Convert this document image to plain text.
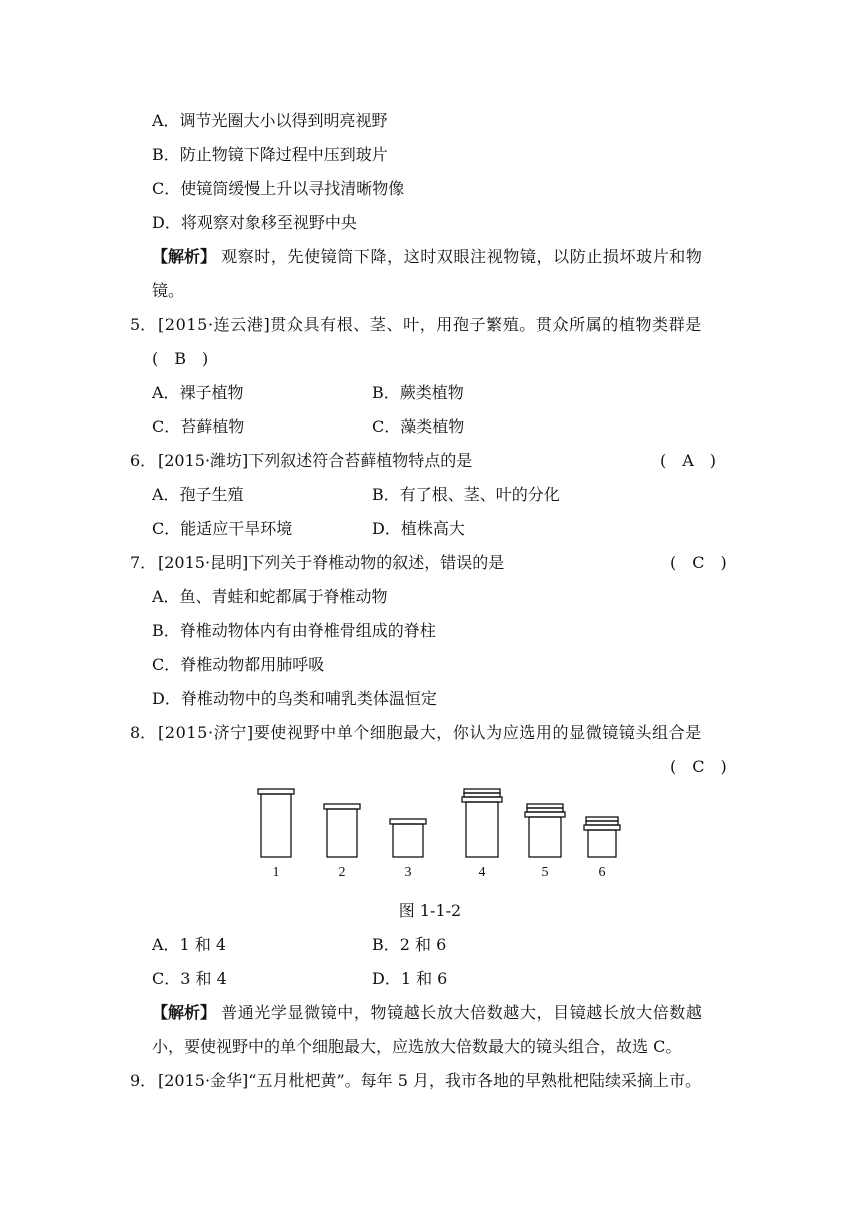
A．调节光圈大小以得到明亮视野
B．防止物镜下降过程中压到玻片
C．使镜筒缓慢上升以寻找清晰物像
D．将观察对象移至视野中央
【解析】 观察时，先使镜筒下降，这时双眼注视物镜，以防止损坏玻片和物
镜。
5． [2015·连云港]贯众具有根、茎、叶，用孢子繁殖。贯众所属的植物类群是
(　B　)
A．裸子植物	B．蕨类植物
C．苔藓植物	C．藻类植物
6． [2015·潍坊]下列叙述符合苔藓植物特点的是	(　A　)
A．孢子生殖	B．有了根、茎、叶的分化
C．能适应干旱环境	D．植株高大
7． [2015·昆明]下列关于脊椎动物的叙述，错误的是	(　C　)
A．鱼、青蛙和蛇都属于脊椎动物
B．脊椎动物体内有由脊椎骨组成的脊柱
C．脊椎动物都用肺呼吸
D．脊椎动物中的鸟类和哺乳类体温恒定
8． [2015·济宁]要使视野中单个细胞最大，你认为应选用的显微镜镜头组合是
(　C　)
1	2	3	4	5	6
图 1-1-2
A．1 和 4	B．2 和 6
C．3 和 4	D．1 和 6
【解析】 普通光学显微镜中，物镜越长放大倍数越大，目镜越长放大倍数越
小，要使视野中的单个细胞最大，应选放大倍数最大的镜头组合，故选 C。
9． [2015·金华]“五月枇杷黄”。每年 5 月，我市各地的早熟枇杷陆续采摘上市。
